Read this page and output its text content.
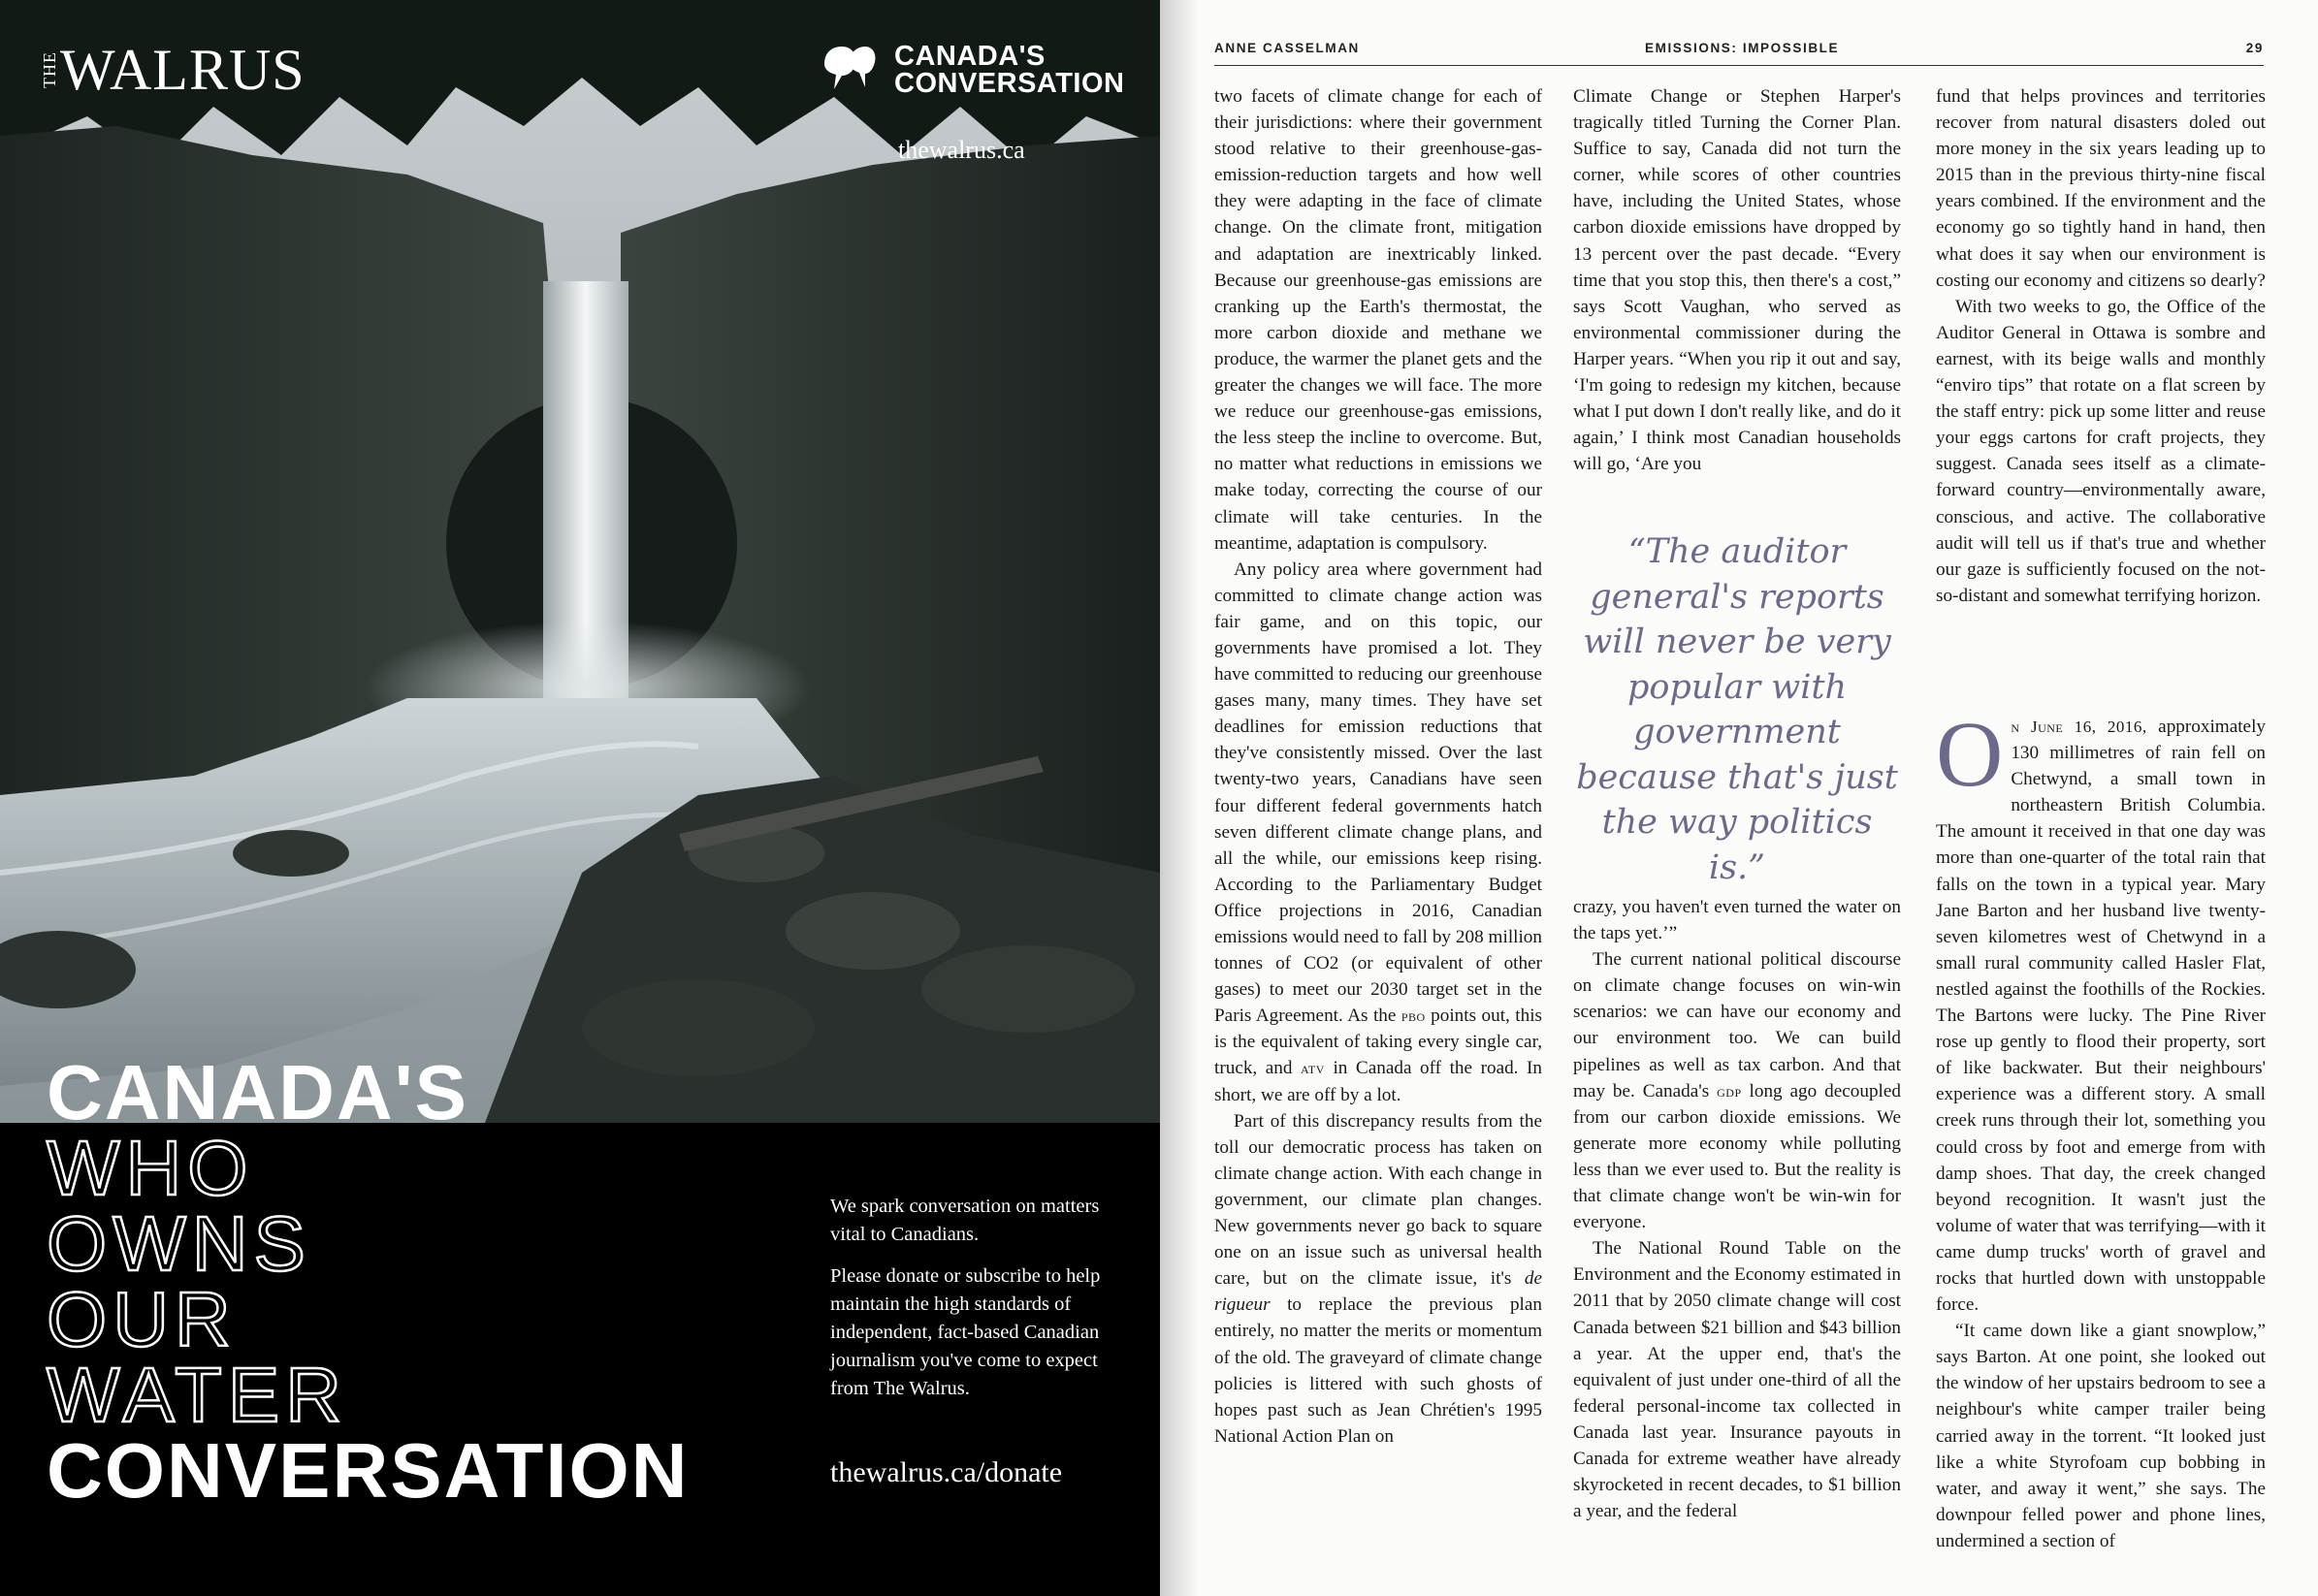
THE WALRUS	CANADA'S
CONVERSATION
thewalrus.ca
CANADA'S
WHO
OWNS
OUR
WATER
CONVERSATION

We spark conversation on matters vital to Canadians.

Please donate or subscribe to help maintain the high standards of independent, fact-based Canadian journalism you've come to expect from The Walrus.

thewalrus.ca/donate
ANNE CASSELMAN	EMISSIONS: IMPOSSIBLE	29

two facets of climate change for each of their jurisdictions: where their government stood relative to their greenhouse-gas-emission-reduction targets and how well they were adapting in the face of climate change. On the climate front, mitigation and adaptation are inextricably linked. Because our greenhouse-gas emissions are cranking up the Earth's thermostat, the more carbon dioxide and methane we produce, the warmer the planet gets and the greater the changes we will face. The more we reduce our greenhouse-gas emissions, the less steep the incline to overcome. But, no matter what reductions in emissions we make today, correcting the course of our climate will take centuries. In the meantime, adaptation is compulsory.

Any policy area where government had committed to climate change action was fair game, and on this topic, our governments have promised a lot. They have committed to reducing our greenhouse gases many, many times. They have set deadlines for emission reductions that they've consistently missed. Over the last twenty-two years, Canadians have seen four different federal governments hatch seven different climate change plans, and all the while, our emissions keep rising. According to the Parliamentary Budget Office projections in 2016, Canadian emissions would need to fall by 208 million tonnes of CO2 (or equivalent of other gases) to meet our 2030 target set in the Paris Agreement. As the pbo points out, this is the equivalent of taking every single car, truck, and atv in Canada off the road. In short, we are off by a lot.

Part of this discrepancy results from the toll our democratic process has taken on climate change action. With each change in government, our climate plan changes. New governments never go back to square one on an issue such as universal health care, but on the climate issue, it's de rigueur to replace the previous plan entirely, no matter the merits or momentum of the old. The graveyard of climate change policies is littered with such ghosts of hopes past such as Jean Chrétien's 1995 National Action Plan on

Climate Change or Stephen Harper's tragically titled Turning the Corner Plan. Suffice to say, Canada did not turn the corner, while scores of other countries have, including the United States, whose carbon dioxide emissions have dropped by 13 percent over the past decade. “Every time that you stop this, then there's a cost,” says Scott Vaughan, who served as environmental commissioner during the Harper years. “When you rip it out and say, ‘I'm going to redesign my kitchen, because what I put down I don't really like, and do it again,’ I think most Canadian households will go, ‘Are you

“The auditor general's reports will never be very popular with government because that's just the way politics is.”

crazy, you haven't even turned the water on the taps yet.’”

The current national political discourse on climate change focuses on win-win scenarios: we can have our economy and our environment too. We can build pipelines as well as tax carbon. And that may be. Canada's gdp long ago decoupled from our carbon dioxide emissions. We generate more economy while polluting less than we ever used to. But the reality is that climate change won't be win-win for everyone.

The National Round Table on the Environment and the Economy estimated in 2011 that by 2050 climate change will cost Canada between $21 billion and $43 billion a year. At the upper end, that's the equivalent of just under one-third of all the federal personal-income tax collected in Canada last year. Insurance payouts in Canada for extreme weather have already skyrocketed in recent decades, to $1 billion a year, and the federal

fund that helps provinces and territories recover from natural disasters doled out more money in the six years leading up to 2015 than in the previous thirty-nine fiscal years combined. If the environment and the economy go so tightly hand in hand, then what does it say when our environment is costing our economy and citizens so dearly?

With two weeks to go, the Office of the Auditor General in Ottawa is sombre and earnest, with its beige walls and monthly “enviro tips” that rotate on a flat screen by the staff entry: pick up some litter and reuse your eggs cartons for craft projects, they suggest. Canada sees itself as a climate-forward country—environmentally aware, conscious, and active. The collaborative audit will tell us if that's true and whether our gaze is sufficiently focused on the not-so-distant and somewhat terrifying horizon.

On June 16, 2016, approximately 130 millimetres of rain fell on Chetwynd, a small town in northeastern British Columbia. The amount it received in that one day was more than one-quarter of the total rain that falls on the town in a typical year. Mary Jane Barton and her husband live twenty-seven kilometres west of Chetwynd in a small rural community called Hasler Flat, nestled against the foothills of the Rockies. The Bartons were lucky. The Pine River rose up gently to flood their property, sort of like backwater. But their neighbours' experience was a different story. A small creek runs through their lot, something you could cross by foot and emerge from with damp shoes. That day, the creek changed beyond recognition. It wasn't just the volume of water that was terrifying—with it came dump trucks' worth of gravel and rocks that hurtled down with unstoppable force.

“It came down like a giant snowplow,” says Barton. At one point, she looked out the window of her upstairs bedroom to see a neighbour's white camper trailer being carried away in the torrent. “It looked just like a white Styrofoam cup bobbing in water, and away it went,” she says. The downpour felled power and phone lines, undermined a section of
